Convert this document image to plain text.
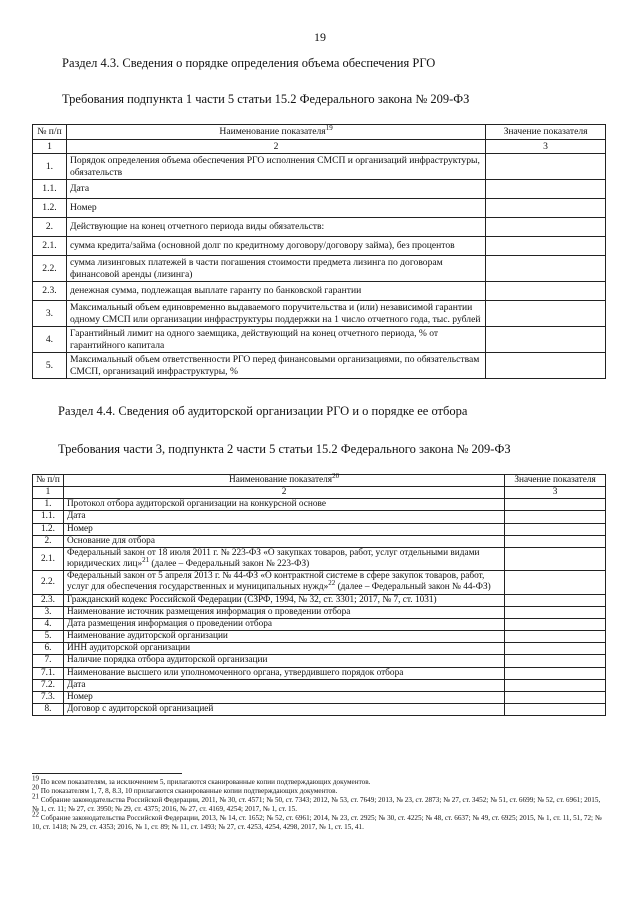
19
Раздел 4.3. Сведения о порядке определения объема обеспечения РГО
Требования подпункта 1 части 5 статьи 15.2 Федерального закона № 209-ФЗ
№ п/п	Наименование показателя$^{19}$	Значение показателя
1	2	3
1.	Порядок определения объема обеспечения РГО исполнения СМСП и организаций инфраструктуры, обязательств	
1.1.	Дата	
1.2.	Номер	
2.	Действующие на конец отчетного периода виды обязательств:	
2.1.	сумма кредита/займа (основной долг по кредитному договору/договору займа), без процентов	
2.2.	сумма лизинговых платежей в части погашения стоимости предмета лизинга по договорам финансовой аренды (лизинга)	
2.3.	денежная сумма, подлежащая выплате гаранту по банковской гарантии	
3.	Максимальный объем единовременно выдаваемого поручительства и (или) независимой гарантии одному СМСП или организации инфраструктуры поддержки на 1 число отчетного года, тыс. рублей	
4.	Гарантийный лимит на одного заемщика, действующий на конец отчетного периода, % от гарантийного капитала	
5.	Максимальный объем ответственности РГО перед финансовыми организациями, по обязательствам СМСП, организаций инфраструктуры, %	
Раздел 4.4. Сведения об аудиторской организации РГО и о порядке ее отбора
Требования части 3, подпункта 2 части 5 статьи 15.2 Федерального закона № 209-ФЗ
№ п/п	Наименование показателя$^{20}$	Значение показателя
1	2	3
1.	Протокол отбора аудиторской организации на конкурсной основе	
1.1.	Дата	
1.2.	Номер	
2.	Основание для отбора	
2.1.	Федеральный закон от 18 июля 2011 г. № 223-ФЗ «О закупках товаров, работ, услуг отдельными видами юридических лиц»$^{21}$ (далее – Федеральный закон № 223-ФЗ)	
2.2.	Федеральный закон от 5 апреля 2013 г. № 44-ФЗ «О контрактной системе в сфере закупок товаров, работ, услуг для обеспечения государственных и муниципальных нужд»$^{22}$ (далее – Федеральный закон № 44-ФЗ)	
2.3.	Гражданский кодекс Российской Федерации (СЗРФ, 1994, № 32, ст. 3301; 2017, № 7, ст. 1031)	
3.	Наименование источник размещения информация о проведении отбора	
4.	Дата размещения информация о проведении отбора	
5.	Наименование аудиторской организации	
6.	ИНН аудиторской организации	
7.	Наличие порядка отбора аудиторской организации	
7.1.	Наименование высшего или уполномоченного органа, утвердившего порядок отбора	
7.2.	Дата	
7.3.	Номер	
8.	Договор с аудиторской организацией	

$^{19}$ По всем показателям, за исключением 5, прилагаются сканированные копии подтверждающих документов.

$^{20}$ По показателям 1, 7, 8, 8.3, 10 прилагаются сканированные копии подтверждающих документов.

$^{21}$ Собрание законодательства Российской Федерации, 2011, № 30, ст. 4571; № 50, ст. 7343; 2012, № 53, ст. 7649; 2013, № 23, ст. 2873; № 27, ст. 3452; № 51, ст. 6699; № 52, ст. 6961; 2015, № 1, ст. 11; № 27, ст. 3950; № 29, ст. 4375; 2016, № 27, ст. 4169, 4254; 2017, № 1, ст. 15.

$^{22}$ Собрание законодательства Российской Федерации, 2013, № 14, ст. 1652; № 52, ст. 6961; 2014, № 23, ст. 2925; № 30, ст. 4225; № 48, ст. 6637; № 49, ст. 6925; 2015, № 1, ст. 11, 51, 72; № 10, ст. 1418; № 29, ст. 4353; 2016, № 1, ст. 89; № 11, ст. 1493; № 27, ст. 4253, 4254, 4298, 2017, № 1, ст. 15, 41.
